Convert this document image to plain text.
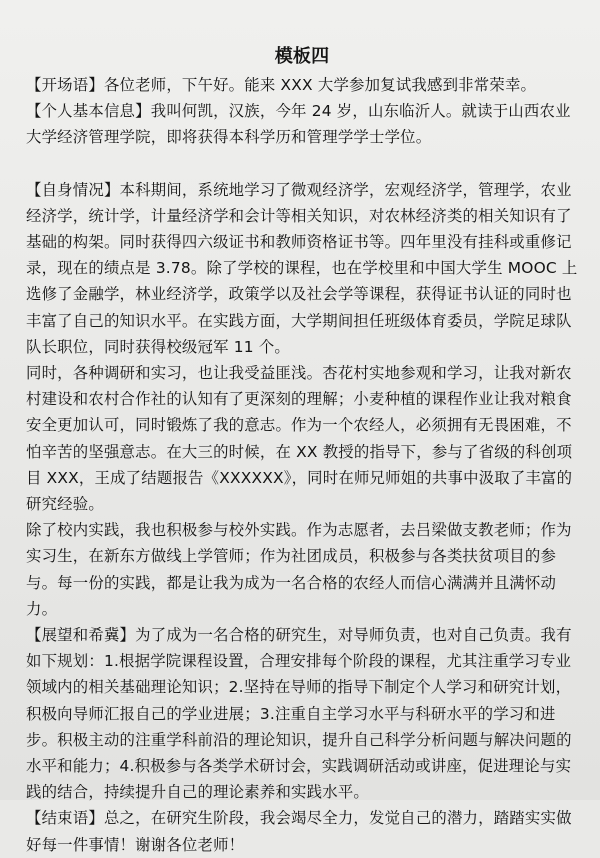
模板四

【开场语】各位老师，下午好。能来 XXX 大学参加复试我感到非常荣幸。

【个人基本信息】我叫何凯，汉族，今年 24 岁，山东临沂人。就读于山西农业大学经济管理学院，即将获得本科学历和管理学学士学位。

【自身情况】本科期间，系统地学习了微观经济学，宏观经济学，管理学，农业经济学，统计学，计量经济学和会计等相关知识，对农林经济类的相关知识有了基础的构架。同时获得四六级证书和教师资格证书等。四年里没有挂科或重修记录，现在的绩点是 3.78。除了学校的课程，也在学校里和中国大学生 MOOC 上选修了金融学，林业经济学，政策学以及社会学等课程，获得证书认证的同时也丰富了自己的知识水平。在实践方面，大学期间担任班级体育委员，学院足球队队长职位，同时获得校级冠军 11 个。

同时，各种调研和实习，也让我受益匪浅。杏花村实地参观和学习，让我对新农村建设和农村合作社的认知有了更深刻的理解；小麦种植的课程作业让我对粮食安全更加认可，同时锻炼了我的意志。作为一个农经人，必须拥有无畏困难，不怕辛苦的坚强意志。在大三的时候，在 XX 教授的指导下，参与了省级的科创项目 XXX，王成了结题报告《XXXXXX》，同时在师兄师姐的共事中汲取了丰富的研究经验。

除了校内实践，我也积极参与校外实践。作为志愿者，去吕梁做支教老师；作为实习生，在新东方做线上学管师；作为社团成员，积极参与各类扶贫项目的参与。每一份的实践，都是让我为成为一名合格的农经人而信心满满并且满怀动力。

【展望和希冀】为了成为一名合格的研究生，对导师负责，也对自己负责。我有如下规划：1.根据学院课程设置，合理安排每个阶段的课程，尤其注重学习专业领域内的相关基础理论知识；2.坚持在导师的指导下制定个人学习和研究计划，积极向导师汇报自己的学业进展；3.注重自主学习水平与科研水平的学习和进步。积极主动的注重学科前沿的理论知识，提升自己科学分析问题与解决问题的水平和能力；4.积极参与各类学术研讨会，实践调研活动或讲座，促进理论与实践的结合，持续提升自己的理论素养和实践水平。

【结束语】总之，在研究生阶段，我会竭尽全力，发觉自己的潜力，踏踏实实做好每一件事情！谢谢各位老师！
